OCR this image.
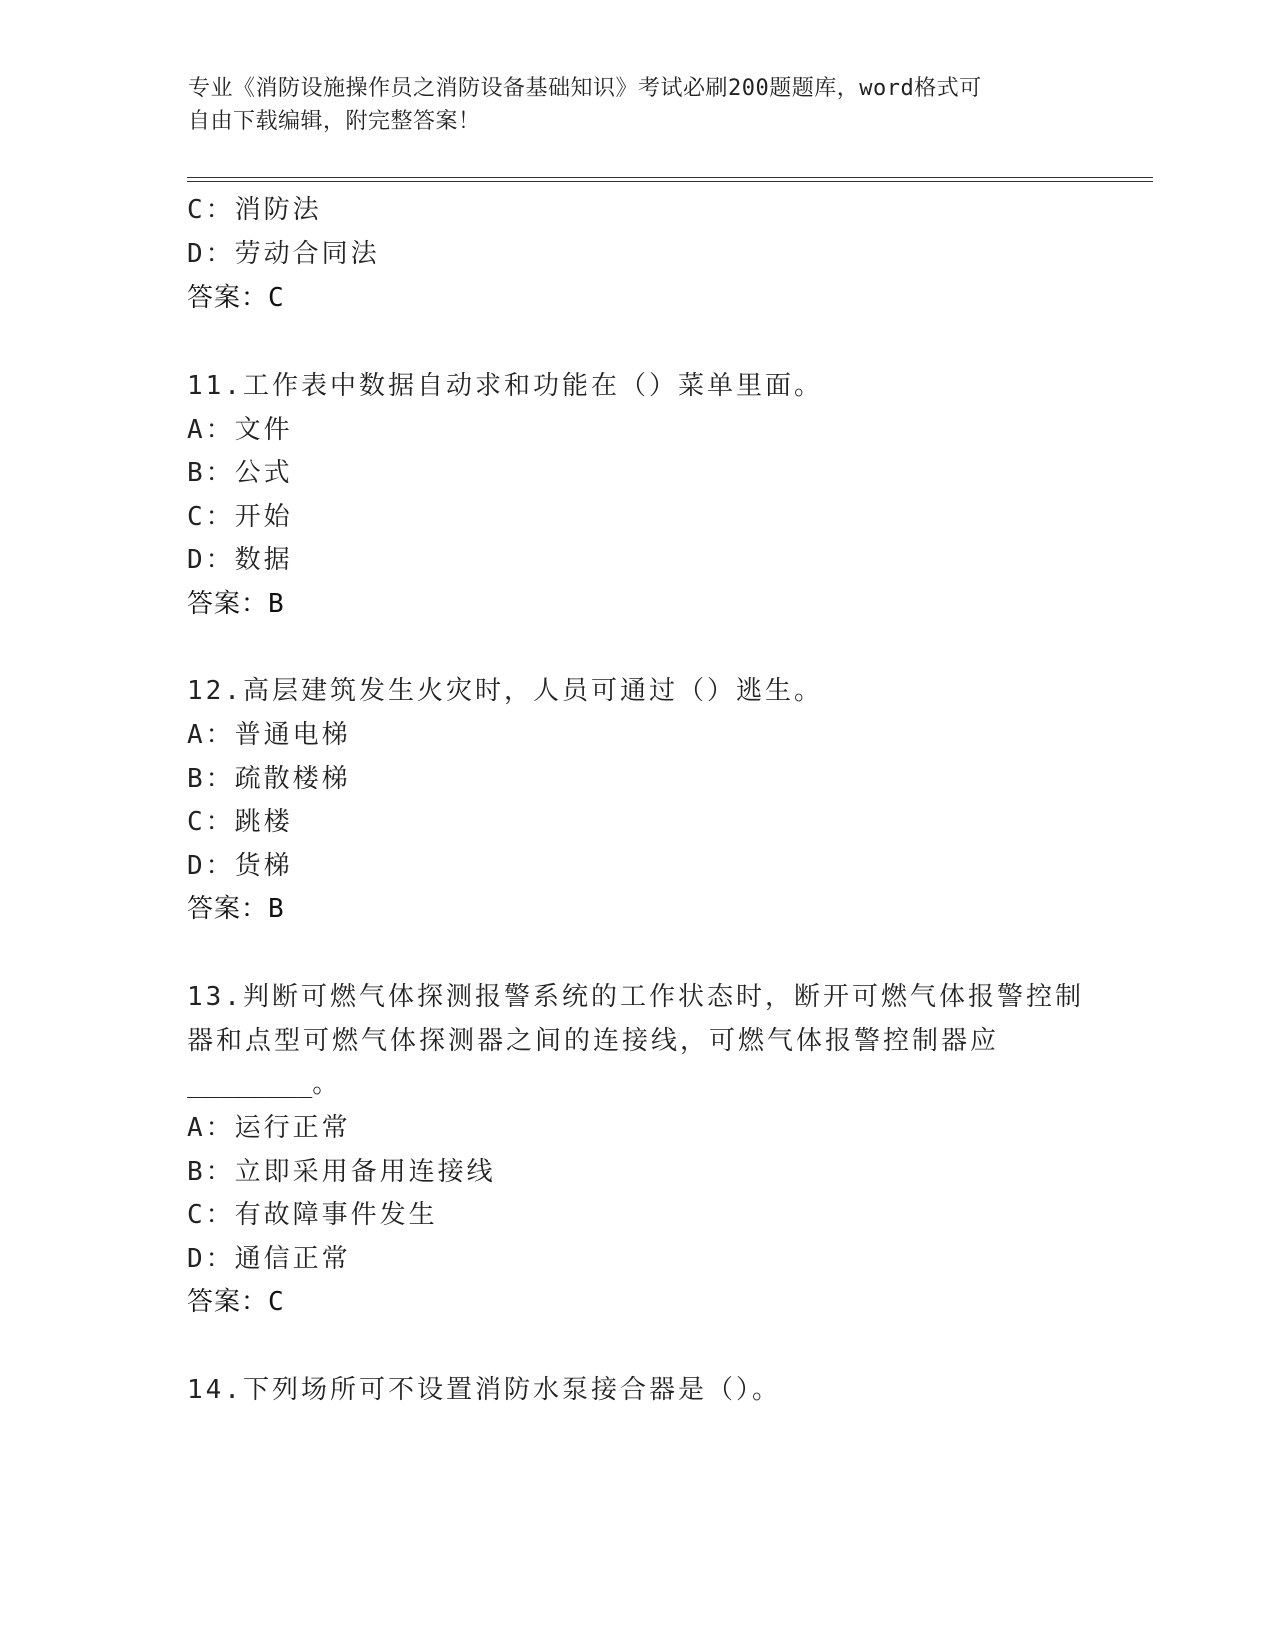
专业《消防设施操作员之消防设备基础知识》考试必刷200题题库，word格式可
自由下载编辑，附完整答案！
C：消防法
D：劳动合同法
答案：C
11.工作表中数据自动求和功能在（）菜单里面。
A：文件
B：公式
C：开始
D：数据
答案：B
12.高层建筑发生火灾时，人员可通过（）逃生。
A：普通电梯
B：疏散楼梯
C：跳楼
D：货梯
答案：B
13.判断可燃气体探测报警系统的工作状态时，断开可燃气体报警控制
器和点型可燃气体探测器之间的连接线，可燃气体报警控制器应
________。
A：运行正常
B：立即采用备用连接线
C：有故障事件发生
D：通信正常
答案：C
14.下列场所可不设置消防水泵接合器是（）。
